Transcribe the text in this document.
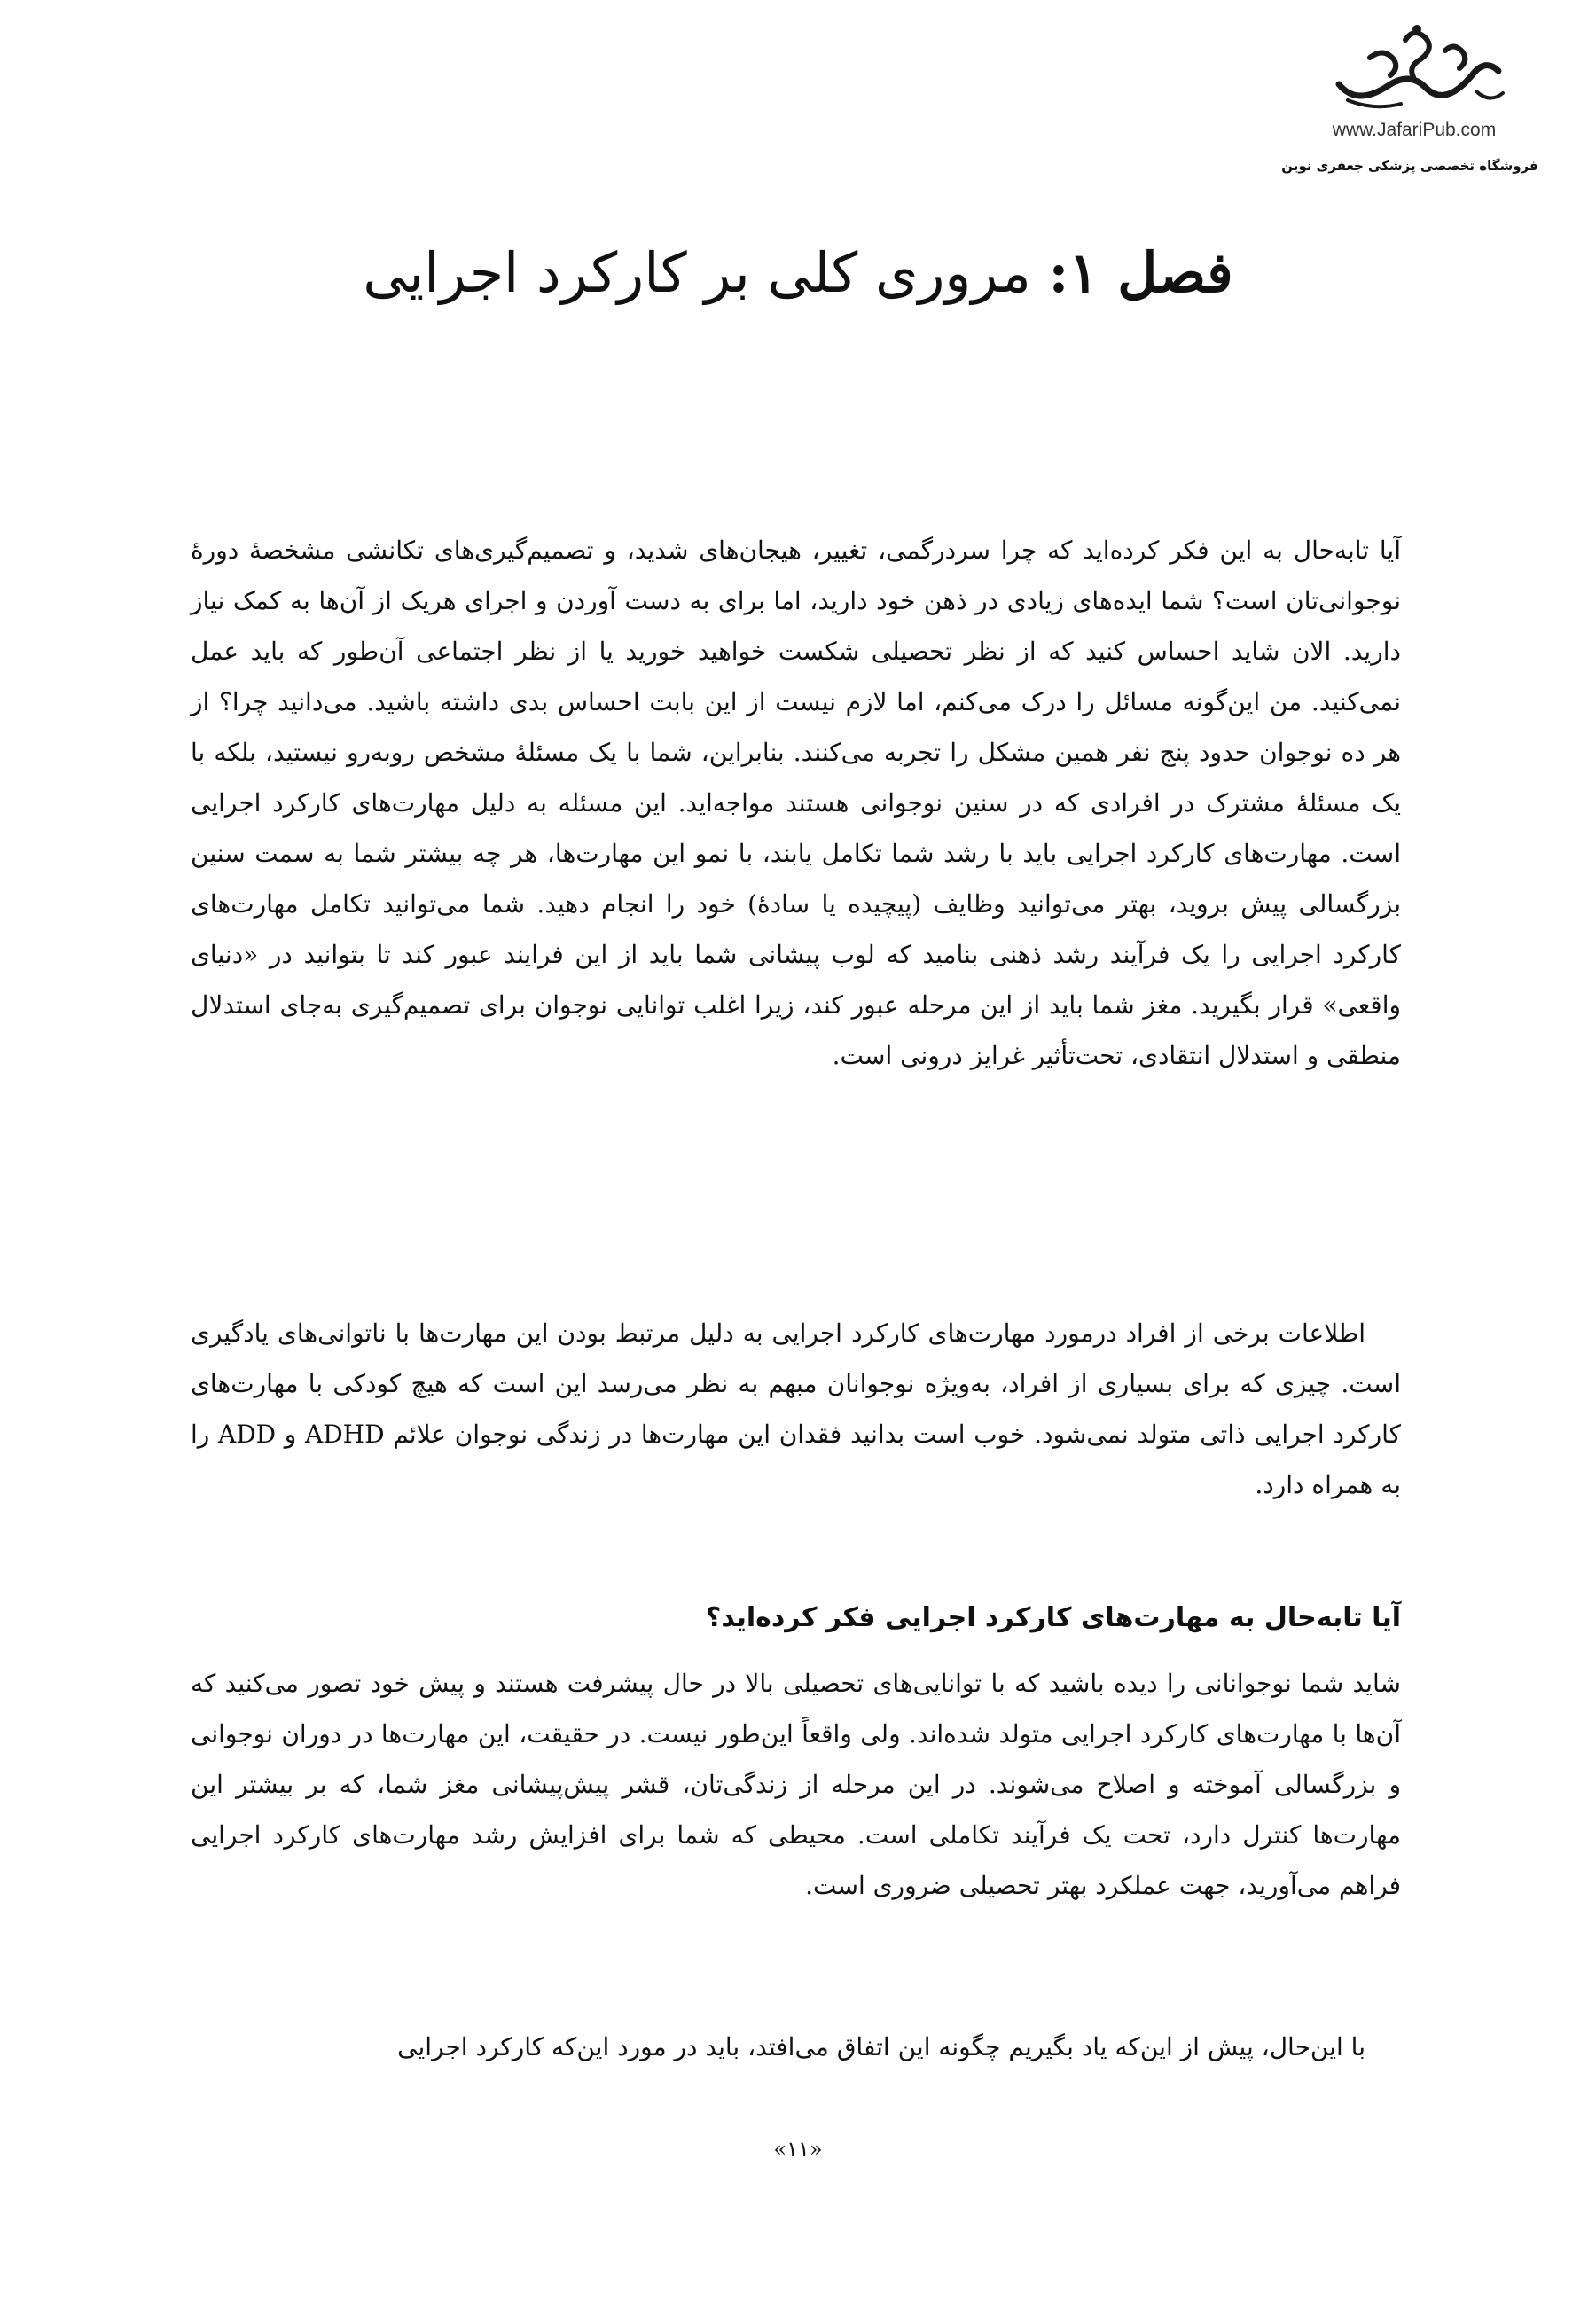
www.JafariPub.com
فروشگاه تخصصی پزشکی جعفری نوین
فصل ۱: مروری کلی بر کارکرد اجرایی

آیا تابه‌حال به این فکر کرده‌اید که چرا سردرگمی، تغییر، هیجان‌های شدید، و تصمیم‌گیری‌های تکانشی مشخصهٔ دورهٔ نوجوانی‌تان است؟ شما ایده‌های زیادی در ذهن خود دارید، اما برای به دست آوردن و اجرای هریک از آن‌ها به کمک نیاز دارید. الان شاید احساس کنید که از نظر تحصیلی شکست خواهید خورید یا از نظر اجتماعی آن‌طور که باید عمل نمی‌کنید. من این‌گونه مسائل را درک می‌کنم، اما لازم نیست از این بابت احساس بدی داشته باشید. می‌دانید چرا؟ از هر ده نوجوان حدود پنج نفر همین مشکل را تجربه می‌کنند. بنابراین، شما با یک مسئلهٔ مشخص روبه‌رو نیستید، بلکه با یک مسئلهٔ مشترک در افرادی که در سنین نوجوانی هستند مواجه‌اید. این مسئله به دلیل مهارت‌های کارکرد اجرایی است. مهارت‌های کارکرد اجرایی باید با رشد شما تکامل یابند، با نمو این مهارت‌ها، هر چه بیشتر شما به سمت سنین بزرگسالی پیش بروید، بهتر می‌توانید وظایف (پیچیده یا سادهٔ) خود را انجام دهید. شما می‌توانید تکامل مهارت‌های کارکرد اجرایی را یک فرآیند رشد ذهنی بنامید که لوب پیشانی شما باید از این فرایند عبور کند تا بتوانید در «دنیای واقعی» قرار بگیرید. مغز شما باید از این مرحله عبور کند، زیرا اغلب توانایی نوجوان برای تصمیم‌گیری به‌جای استدلال منطقی و استدلال انتقادی، تحت‌تأثیر غرایز درونی است.

اطلاعات برخی از افراد درمورد مهارت‌های کارکرد اجرایی به دلیل مرتبط بودن این مهارت‌ها با ناتوانی‌های یادگیری است. چیزی که برای بسیاری از افراد، به‌ویژه نوجوانان مبهم به نظر می‌رسد این است که هیچ کودکی با مهارت‌های کارکرد اجرایی ذاتی متولد نمی‌شود. خوب است بدانید فقدان این مهارت‌ها در زندگی نوجوان علائم ADHD و ADD را به همراه دارد.

آیا تابه‌حال به مهارت‌های کارکرد اجرایی فکر کرده‌اید؟

شاید شما نوجوانانی را دیده باشید که با توانایی‌های تحصیلی بالا در حال پیشرفت هستند و پیش خود تصور می‌کنید که آن‌ها با مهارت‌های کارکرد اجرایی متولد شده‌اند. ولی واقعاً این‌طور نیست. در حقیقت، این مهارت‌ها در دوران نوجوانی و بزرگسالی آموخته و اصلاح می‌شوند. در این مرحله از زندگی‌تان، قشر پیش‌پیشانی مغز شما، که بر بیشتر این مهارت‌ها کنترل دارد، تحت یک فرآیند تکاملی است. محیطی که شما برای افزایش رشد مهارت‌های کارکرد اجرایی فراهم می‌آورید، جهت عملکرد بهتر تحصیلی ضروری است.

با این‌حال، پیش از این‌که یاد بگیریم چگونه این اتفاق می‌افتد، باید در مورد این‌که کارکرد اجرایی

«۱۱»
